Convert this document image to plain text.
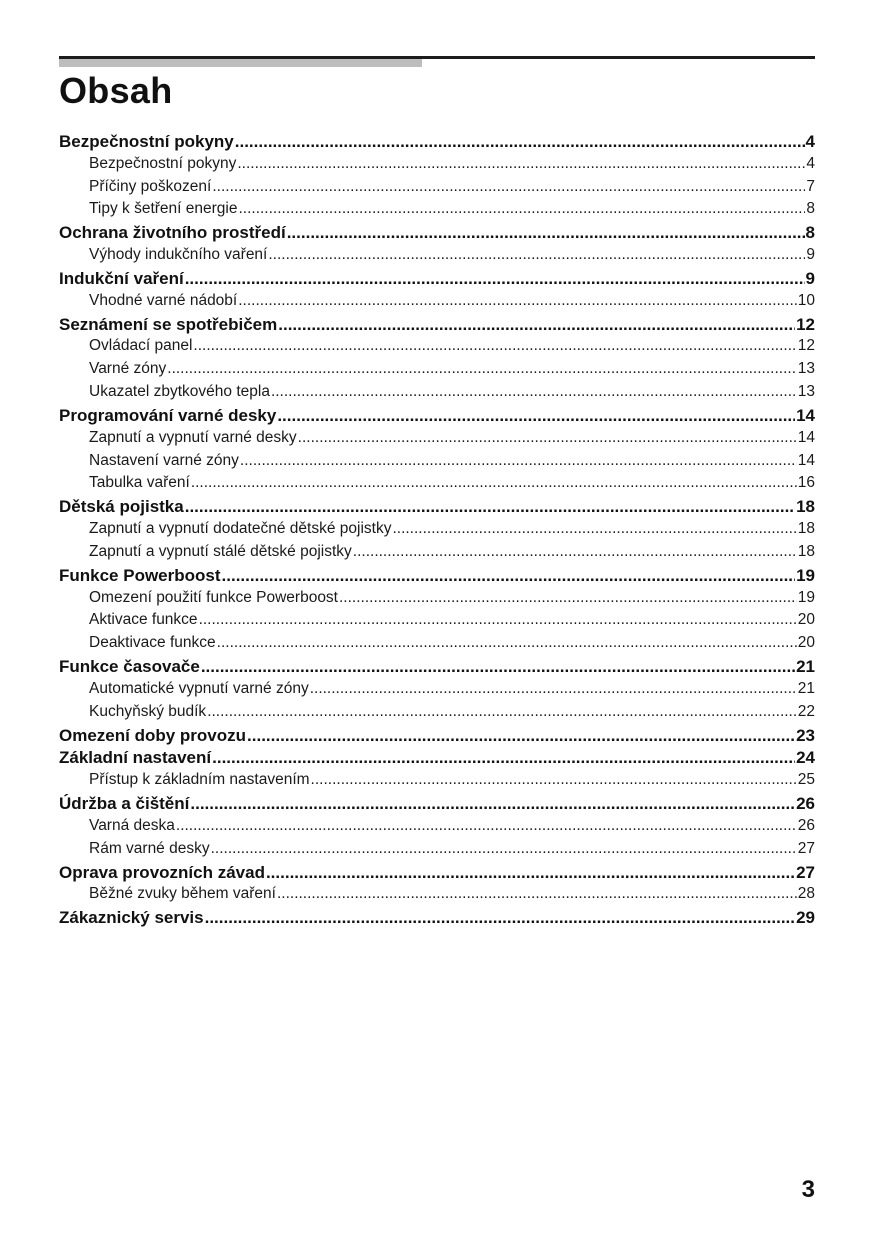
Obsah
Bezpečnostní pokyny .....	4
Bezpečnostní pokyny .....	4
Příčiny poškození .....	7
Tipy k šetření energie .....	8
Ochrana životního prostředí .....	8
Výhody indukčního vaření .....	9
Indukční vaření .....	9
Vhodné varné nádobí .....	10
Seznámení se spotřebičem .....	12
Ovládací panel .....	12
Varné zóny .....	13
Ukazatel zbytkového tepla .....	13
Programování varné desky .....	14
Zapnutí a vypnutí varné desky .....	14
Nastavení varné zóny .....	14
Tabulka vaření .....	16
Dětská pojistka .....	18
Zapnutí a vypnutí dodatečné dětské pojistky .....	18
Zapnutí a vypnutí stálé dětské pojistky .....	18
Funkce Powerboost .....	19
Omezení použití funkce Powerboost .....	19
Aktivace funkce .....	20
Deaktivace funkce .....	20
Funkce časovače .....	21
Automatické vypnutí varné zóny .....	21
Kuchyňský budík .....	22
Omezení doby provozu .....	23
Základní nastavení .....	24
Přístup k základním nastavením .....	25
Údržba a čištění .....	26
Varná deska .....	26
Rám varné desky .....	27
Oprava provozních závad .....	27
Běžné zvuky během vaření .....	28
Zákaznický servis .....	29
3
